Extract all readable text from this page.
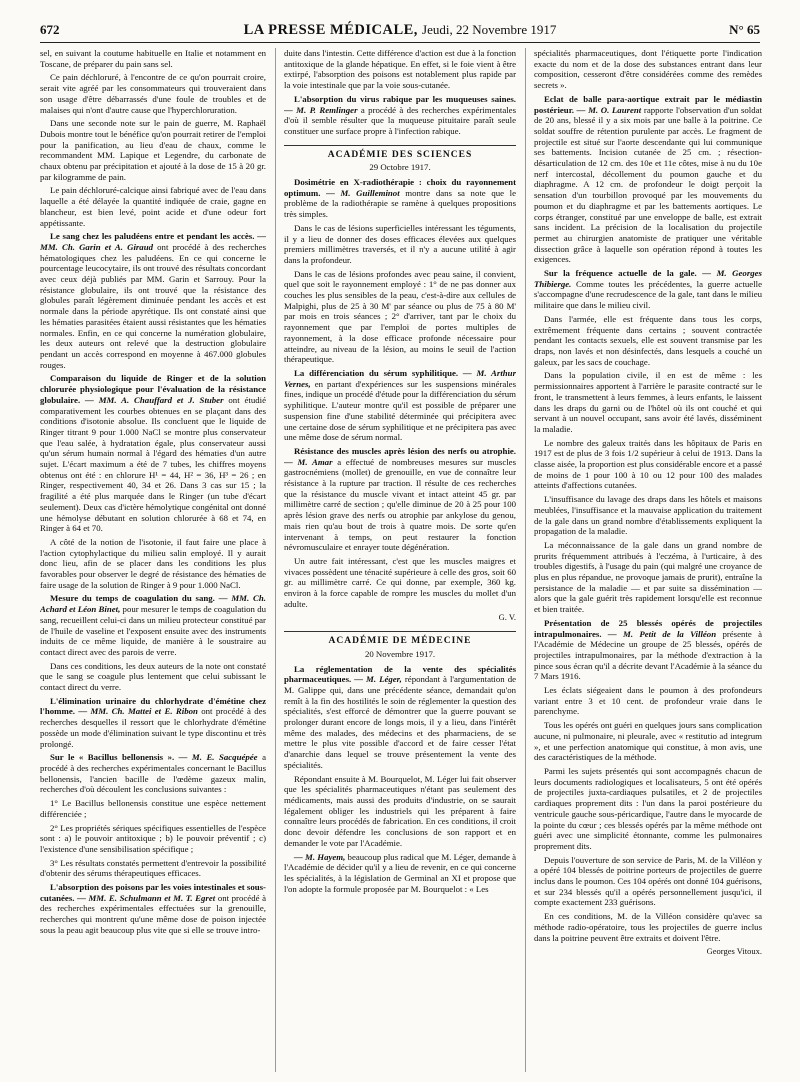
672	LA PRESSE MÉDICALE, Jeudi, 22 Novembre 1917	N° 65

sel, en suivant la coutume habituelle en Italie et notamment en Toscane, de préparer du pain sans sel.

Ce pain déchloruré, à l'encontre de ce qu'on pourrait croire, serait vite agréé par les consommateurs qui trouveraient dans son usage d'être débarrassés d'une foule de troubles et de malaises qui n'ont d'autre cause que l'hyperchloruration.

Dans une seconde note sur le pain de guerre, M. Raphaël Dubois montre tout le bénéfice qu'on pourrait retirer de l'emploi pour la panification, au lieu d'eau de chaux, comme le recommandent MM. Lapique et Legendre, du carbonate de chaux obtenu par précipitation et ajouté à la dose de 15 à 20 gr. par kilogramme de pain.

Le pain déchloruré-calcique ainsi fabriqué avec de l'eau dans laquelle a été délayée la quantité indiquée de craie, gagne en blancheur, est bien levé, point acide et d'une odeur fort appétissante.

Le sang chez les paludéens entre et pendant les accès. — MM. Ch. Garin et A. Giraud ont procédé à des recherches hématologiques chez les paludéens. En ce qui concerne le pourcentage leucocytaire, ils ont trouvé des résultats concordant avec ceux déjà publiés par MM. Garin et Sarrouy. Pour la résistance globulaire, ils ont trouvé que la résistance des globules paraît légèrement diminuée pendant les accès et est normale dans la période apyrétique. Ils ont constaté ainsi que les hématies parasitées étaient aussi résistantes que les hématies normales. Enfin, en ce qui concerne la numération globulaire, les deux auteurs ont relevé que la destruction globulaire pendant un accès correspond en moyenne à 467.000 globules rouges.

Comparaison du liquide de Ringer et de la solution chlorurée physiologique pour l'évaluation de la résistance globulaire. — MM. A. Chauffard et J. Stuber ont étudié comparativement les courbes obtenues en se plaçant dans des conditions d'isotonie absolue. Ils concluent que le liquide de Ringer titrant 9 pour 1.000 NaCl se montre plus conservateur que l'eau salée, à hydratation égale, plus conservateur aussi qu'un sérum humain normal à l'égard des hématies d'un autre sujet. L'écart maximum a été de 7 tubes, les chiffres moyens obtenus ont été : en chlorure H¹ = 44, H² = 36, H³ = 26 ; en Ringer, respectivement 40, 34 et 26. Dans 3 cas sur 15 ; la fragilité a été plus marquée dans le Ringer (un tube d'écart seulement). Deux cas d'ictère hémolytique congénital ont donné une hémolyse débutant en solution chlorurée à 68 et 74, en Ringer à 64 et 70.

A côté de la notion de l'isotonie, il faut faire une place à l'action cytophylactique du milieu salin employé. Il y aurait donc lieu, afin de se placer dans les conditions les plus favorables pour observer le degré de résistance des hématies de faire usage de la solution de Ringer à 9 pour 1.000 NaCl.

Mesure du temps de coagulation du sang. — MM. Ch. Achard et Léon Binet, pour mesurer le temps de coagulation du sang, recueillent celui-ci dans un milieu protecteur constitué par de l'huile de vaseline et l'exposent ensuite avec des instruments induits de ce même liquide, de manière à le soustraire au contact direct avec des parois de verre.

Dans ces conditions, les deux auteurs de la note ont constaté que le sang se coagule plus lentement que celui subissant le contact direct du verre.

L'élimination urinaire du chlorhydrate d'émétine chez l'homme. — MM. Ch. Mattei et E. Ribon ont procédé à des recherches desquelles il ressort que le chlorhydrate d'émétine possède un mode d'élimination suivant le type discontinu et très prolongé.

Sur le « Bacillus bellonensis ». — M. E. Sacquépée a procédé à des recherches expérimentales concernant le Bacillus bellonensis, l'ancien bacille de l'œdème gazeux malin, recherches d'où découlent les conclusions suivantes :

1° Le Bacillus bellonensis constitue une espèce nettement différenciée ;

2° Les propriétés sériques spécifiques essentielles de l'espèce sont : a) le pouvoir antitoxique ; b) le pouvoir préventif ; c) l'existence d'une sensibilisation spécifique ;

3° Les résultats constatés permettent d'entrevoir la possibilité d'obtenir des sérums thérapeutiques efficaces.

L'absorption des poisons par les voies intestinales et sous-cutanées. — MM. E. Schulmann et M. T. Egret ont procédé à des recherches expérimentales effectuées sur la grenouille, recherches qui montrent qu'une même dose de poison injectée sous la peau agit beaucoup plus vite que si elle se trouve intro-

duite dans l'intestin. Cette différence d'action est due à la fonction antitoxique de la glande hépatique. En effet, si le foie vient à être extirpé, l'absorption des poisons est notablement plus rapide par la voie intestinale que par la voie sous-cutanée.

L'absorption du virus rabique par les muqueuses saines. — M. P. Remlinger a procédé à des recherches expérimentales d'où il semble résulter que la muqueuse pituitaire paraît seule constituer une surface propre à l'infection rabique.

ACADÉMIE DES SCIENCES
29 Octobre 1917.

Dosimétrie en X-radiothérapie : choix du rayonnement optimum. — M. Guilleminot montre dans sa note que le problème de la radiothérapie se ramène à quelques propositions très simples.

Dans le cas de lésions superficielles intéressant les téguments, il y a lieu de donner des doses efficaces élevées aux quelques premiers millimètres traversés, et il n'y a aucune utilité à agir dans la profondeur.

Dans le cas de lésions profondes avec peau saine, il convient, quel que soit le rayonnement employé : 1° de ne pas donner aux couches les plus sensibles de la peau, c'est-à-dire aux cellules de Malpighi, plus de 25 à 30 M' par séance ou plus de 75 à 80 M' par mois en trois séances ; 2° d'arriver, tant par le choix du rayonnement que par l'emploi de portes multiples de rayonnement, à la dose efficace profonde nécessaire pour atteindre, au niveau de la lésion, au moins le seuil de l'action thérapeutique.

La différenciation du sérum syphilitique. — M. Arthur Vernes, en partant d'expériences sur les suspensions minérales fines, indique un procédé d'étude pour la différenciation du sérum syphilitique. L'auteur montre qu'il est possible de préparer une suspension fine d'une stabilité déterminée qui précipitera avec une certaine dose de sérum syphilitique et ne précipitera pas avec une même dose de sérum normal.

Résistance des muscles après lésion des nerfs ou atrophie. — M. Amar a effectué de nombreuses mesures sur muscles gastrocnémiens (mollet) de grenouille, en vue de connaître leur résistance à la rupture par traction. Il résulte de ces recherches que la résistance du muscle vivant et intact atteint 45 gr. par millimètre carré de section ; qu'elle diminue de 20 à 25 pour 100 après lésion grave des nerfs ou atrophie par ankylose du genou, mais rien qu'au bout de trois à quatre mois. De sorte qu'en intervenant à temps, on peut restaurer la fonction névromusculaire et enrayer toute dégénération.

Un autre fait intéressant, c'est que les muscles maigres et vivaces possèdent une ténacité supérieure à celle des gros, soit 60 gr. au millimètre carré. Ce qui donne, par exemple, 360 kg. environ à la force capable de rompre les muscles du mollet d'un adulte.

G. V.
ACADÉMIE DE MÉDECINE
20 Novembre 1917.

La réglementation de la vente des spécialités pharmaceutiques. — M. Léger, répondant à l'argumentation de M. Galippe qui, dans une précédente séance, demandait qu'on remît à la fin des hostilités le soin de réglementer la question des spécialités, s'est efforcé de démontrer que la guerre pouvant se prolonger durant encore de longs mois, il y a lieu, dans l'intérêt même des malades, des médecins et des pharmaciens, de se mettre le plus vite possible d'accord et de faire cesser l'état d'anarchie dans lequel se trouve présentement la vente des spécialités.

Répondant ensuite à M. Bourquelot, M. Léger lui fait observer que les spécialités pharmaceutiques n'étant pas seulement des médicaments, mais aussi des produits d'industrie, on se saurait légalement obliger les industriels qui les préparent à faire connaître leurs procédés de fabrication. En ces conditions, il croit donc devoir défendre les conclusions de son rapport et en demander le vote par l'Académie.

— M. Hayem, beaucoup plus radical que M. Léger, demande à l'Académie de décider qu'il y a lieu de revenir, en ce qui concerne les spécialités, à la législation de Germinal an XI et propose que l'on adopte la formule proposée par M. Bourquelot : « Les

spécialités pharmaceutiques, dont l'étiquette porte l'indication exacte du nom et de la dose des substances entrant dans leur composition, cesseront d'être considérées comme des remèdes secrets ».

Eclat de balle para-aortique extrait par le médiastin postérieur. — M. O. Laurent rapporte l'observation d'un soldat de 20 ans, blessé il y a six mois par une balle à la poitrine. Ce soldat souffre de rétention purulente par accès. Le fragment de projectile est situé sur l'aorte descendante qui lui communique ses battements. Incision cutanée de 25 cm. ; résection-désarticulation de 12 cm. des 10e et 11e côtes, mise à nu du 10e nerf intercostal, décollement du poumon gauche et du diaphragme. A 12 cm. de profondeur le doigt perçoit la sensation d'un tourbillon provoqué par les mouvements du poumon et du diaphragme et par les battements aortiques. Le corps étranger, constitué par une enveloppe de balle, est extrait sans incident. La précision de la localisation du projectile permet au chirurgien anatomiste de pratiquer une véritable dissection grâce à laquelle son opération répond à toutes les exigences.

Sur la fréquence actuelle de la gale. — M. Georges Thibierge. Comme toutes les précédentes, la guerre actuelle s'accompagne d'une recrudescence de la gale, tant dans le milieu militaire que dans le milieu civil.

Dans l'armée, elle est fréquente dans tous les corps, extrêmement fréquente dans certains ; souvent contractée pendant les contacts sexuels, elle est souvent transmise par les draps, non lavés et non désinfectés, dans lesquels a couché un galeux, par les sacs de couchage.

Dans la population civile, il en est de même : les permissionnaires apportent à l'arrière le parasite contracté sur le front, le transmettent à leurs femmes, à leurs enfants, le laissent dans les draps du garni ou de l'hôtel où ils ont couché et qui servant à un nouvel occupant, sans avoir été lavés, disséminent la maladie.

Le nombre des galeux traités dans les hôpitaux de Paris en 1917 est de plus de 3 fois 1/2 supérieur à celui de 1913. Dans la classe aisée, la proportion est plus considérable encore et a passé de moins de 1 pour 100 à 10 ou 12 pour 100 des malades atteints d'affections cutanées.

L'insuffisance du lavage des draps dans les hôtels et maisons meublées, l'insuffisance et la mauvaise application du traitement de la gale dans un grand nombre d'établissements expliquent la propagation de la maladie.

La méconnaissance de la gale dans un grand nombre de prurits fréquemment attribués à l'eczéma, à l'urticaire, à des troubles digestifs, à l'usage du pain (qui malgré une croyance de plus en plus répandue, ne provoque jamais de prurit), entraîne la persistance de la maladie — et par suite sa dissémination — alors que la gale guérit très rapidement lorsqu'elle est reconnue et bien traitée.

Présentation de 25 blessés opérés de projectiles intrapulmonaires. — M. Petit de la Villéon présente à l'Académie de Médecine un groupe de 25 blessés, opérés de projectiles intrapulmonaires, par la méthode d'extraction à la pince sous écran qu'il a décrite devant l'Académie à la séance du 7 Mars 1916.

Les éclats siégeaient dans le poumon à des profondeurs variant entre 3 et 10 cent. de profondeur vraie dans le parenchyme.

Tous les opérés ont guéri en quelques jours sans complication aucune, ni pulmonaire, ni pleurale, avec « restitutio ad integrum », et une perfection anatomique qui constitue, à mon avis, une des caractéristiques de la méthode.

Parmi les sujets présentés qui sont accompagnés chacun de leurs documents radiologiques et localisateurs, 5 ont été opérés de projectiles juxta-cardiaques pulsatiles, et 2 de projectiles cardiaques proprement dits : l'un dans la paroi postérieure du ventricule gauche sous-péricardique, l'autre dans le myocarde de la pointe du cœur ; ces blessés opérés par la même méthode ont guéri avec une simplicité étonnante, comme les pulmonaires proprement dits.

Depuis l'ouverture de son service de Paris, M. de la Villéon y a opéré 104 blessés de poitrine porteurs de projectiles de guerre inclus dans le poumon. Ces 104 opérés ont donné 104 guérisons, et sur 234 blessés qu'il a opérés personnellement jusqu'ici, il compte exactement 233 guérisons.

En ces conditions, M. de la Villéon considère qu'avec sa méthode radio-opératoire, tous les projectiles de guerre inclus dans la poitrine peuvent être extraits et doivent l'être.

Georges Vitoux.
